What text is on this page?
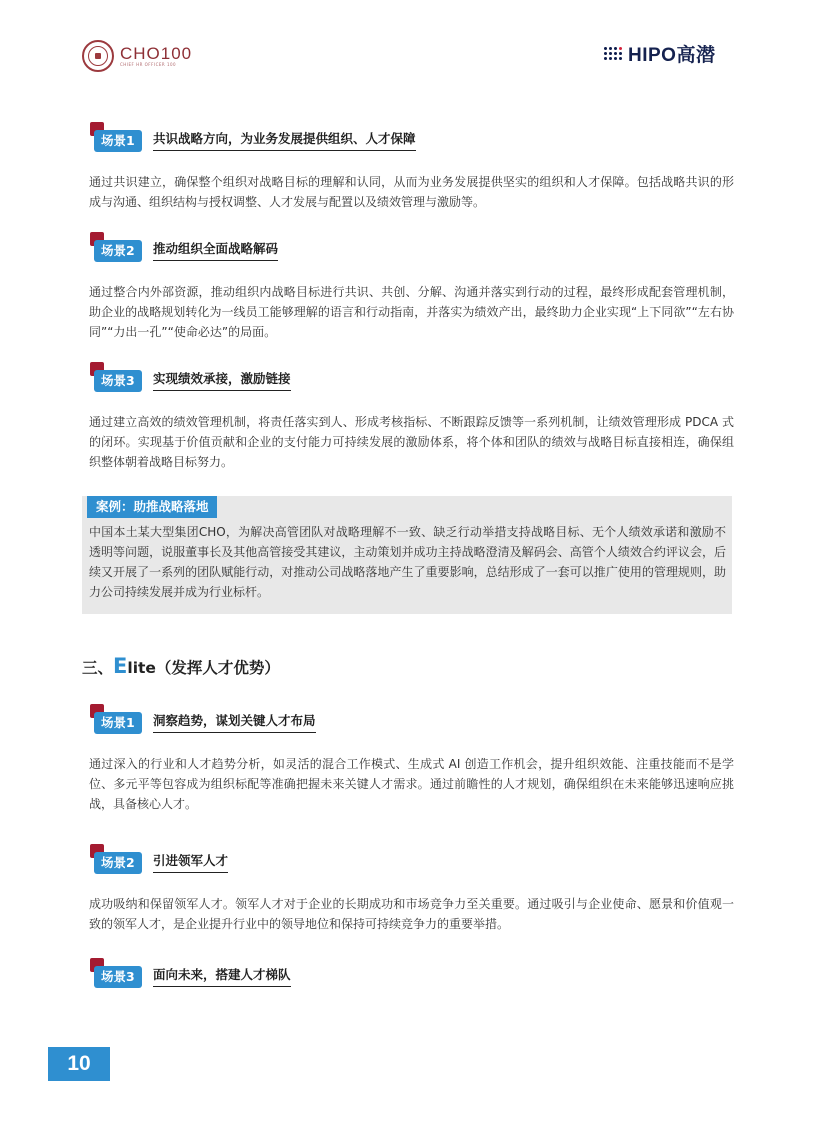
CHO100
CHIEF HR OFFICER 100	HIPO高潜
场景1	共识战略方向，为业务发展提供组织、人才保障

通过共识建立，确保整个组织对战略目标的理解和认同，从而为业务发展提供坚实的组织和人才保障。包括战略共识的形成与沟通、组织结构与授权调整、人才发展与配置以及绩效管理与激励等。

场景2	推动组织全面战略解码

通过整合内外部资源，推动组织内战略目标进行共识、共创、分解、沟通并落实到行动的过程，最终形成配套管理机制，助企业的战略规划转化为一线员工能够理解的语言和行动指南，并落实为绩效产出，最终助力企业实现“上下同欲”“左右协同”“力出一孔”“使命必达”的局面。

场景3	实现绩效承接，激励链接

通过建立高效的绩效管理机制，将责任落实到人、形成考核指标、不断跟踪反馈等一系列机制，让绩效管理形成 PDCA 式的闭环。实现基于价值贡献和企业的支付能力可持续发展的激励体系，将个体和团队的绩效与战略目标直接相连，确保组织整体朝着战略目标努力。

案例：助推战略落地
中国本土某大型集团CHO，为解决高管团队对战略理解不一致、缺乏行动举措支持战略目标、无个人绩效承诺和激励不透明等问题，说服董事长及其他高管接受其建议，主动策划并成功主持战略澄清及解码会、高管个人绩效合约评议会，后续又开展了一系列的团队赋能行动，对推动公司战略落地产生了重要影响，总结形成了一套可以推广使用的管理规则，助力公司持续发展并成为行业标杆。
三、Elite（发挥人才优势）
场景1	洞察趋势，谋划关键人才布局

通过深入的行业和人才趋势分析，如灵活的混合工作模式、生成式 AI 创造工作机会，提升组织效能、注重技能而不是学位、多元平等包容成为组织标配等准确把握未来关键人才需求。通过前瞻性的人才规划，确保组织在未来能够迅速响应挑战，具备核心人才。

场景2	引进领军人才

成功吸纳和保留领军人才。领军人才对于企业的长期成功和市场竞争力至关重要。通过吸引与企业使命、愿景和价值观一致的领军人才，是企业提升行业中的领导地位和保持可持续竞争力的重要举措。

场景3	面向未来，搭建人才梯队
10
